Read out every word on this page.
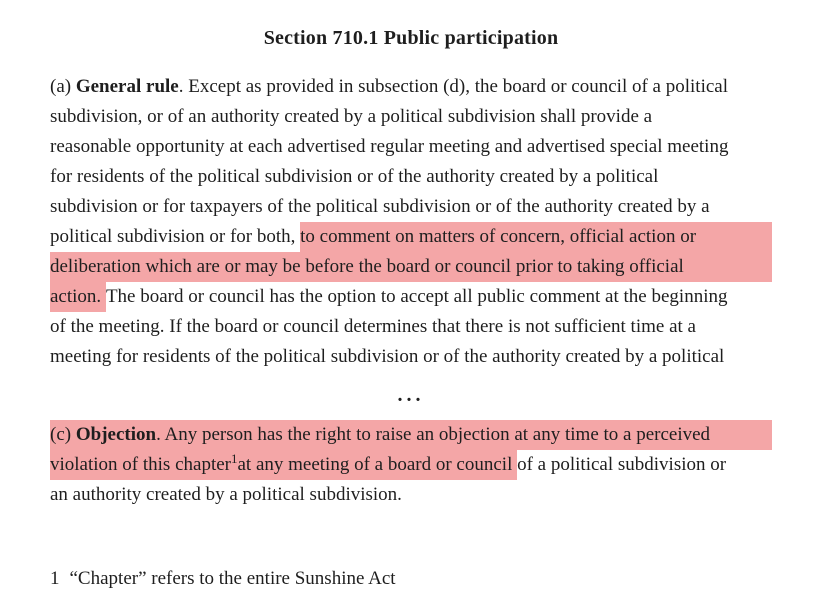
Section 710.1 Public participation
(a) General rule . Except as provided in subsection (d), the board or council of a political
subdivision, or of an authority created by a political subdivision shall provide a
reasonable opportunity at each advertised regular meeting and advertised special meeting
for residents of the political subdivision or of the authority created by a political
subdivision or for taxpayers of the political subdivision or of the authority created by a
political subdivision or for both, to comment on matters of concern, official action or
deliberation which are or may be before the board or council prior to taking official
action. The board or council has the option to accept all public comment at the beginning
of the meeting. If the board or council determines that there is not sufficient time at a
meeting for residents of the political subdivision or of the authority created by a political
...
(c) Objection . Any person has the right to raise an objection at any time to a perceived
violation of this chapter 1 at any meeting of a board or council of a political subdivision or
an authority created by a political subdivision.
1 “Chapter” refers to the entire Sunshine Act
